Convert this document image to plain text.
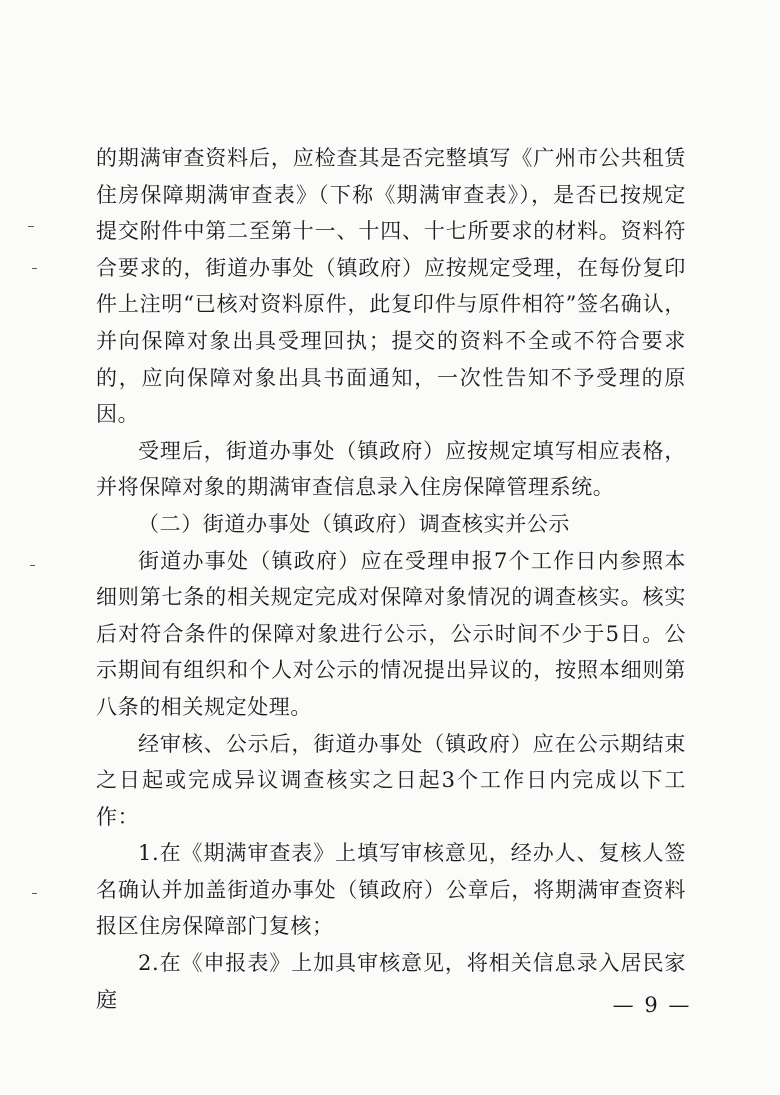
的期满审查资料后，应检查其是否完整填写《广州市公共租赁住房保障期满审查表》（下称《期满审查表》），是否已按规定提交附件中第二至第十一、十四、十七所要求的材料。资料符合要求的，街道办事处（镇政府）应按规定受理，在每份复印件上注明“已核对资料原件，此复印件与原件相符”签名确认，并向保障对象出具受理回执；提交的资料不全或不符合要求的，应向保障对象出具书面通知，一次性告知不予受理的原因。

受理后，街道办事处（镇政府）应按规定填写相应表格，并将保障对象的期满审查信息录入住房保障管理系统。

（二）街道办事处（镇政府）调查核实并公示

街道办事处（镇政府）应在受理申报7个工作日内参照本细则第七条的相关规定完成对保障对象情况的调查核实。核实后对符合条件的保障对象进行公示，公示时间不少于5日。公示期间有组织和个人对公示的情况提出异议的，按照本细则第八条的相关规定处理。

经审核、公示后，街道办事处（镇政府）应在公示期结束之日起或完成异议调查核实之日起3个工作日内完成以下工作：

1.在《期满审查表》上填写审核意见，经办人、复核人签名确认并加盖街道办事处（镇政府）公章后，将期满审查资料报区住房保障部门复核；

2.在《申报表》上加具审核意见，将相关信息录入居民家庭	— 9 —
